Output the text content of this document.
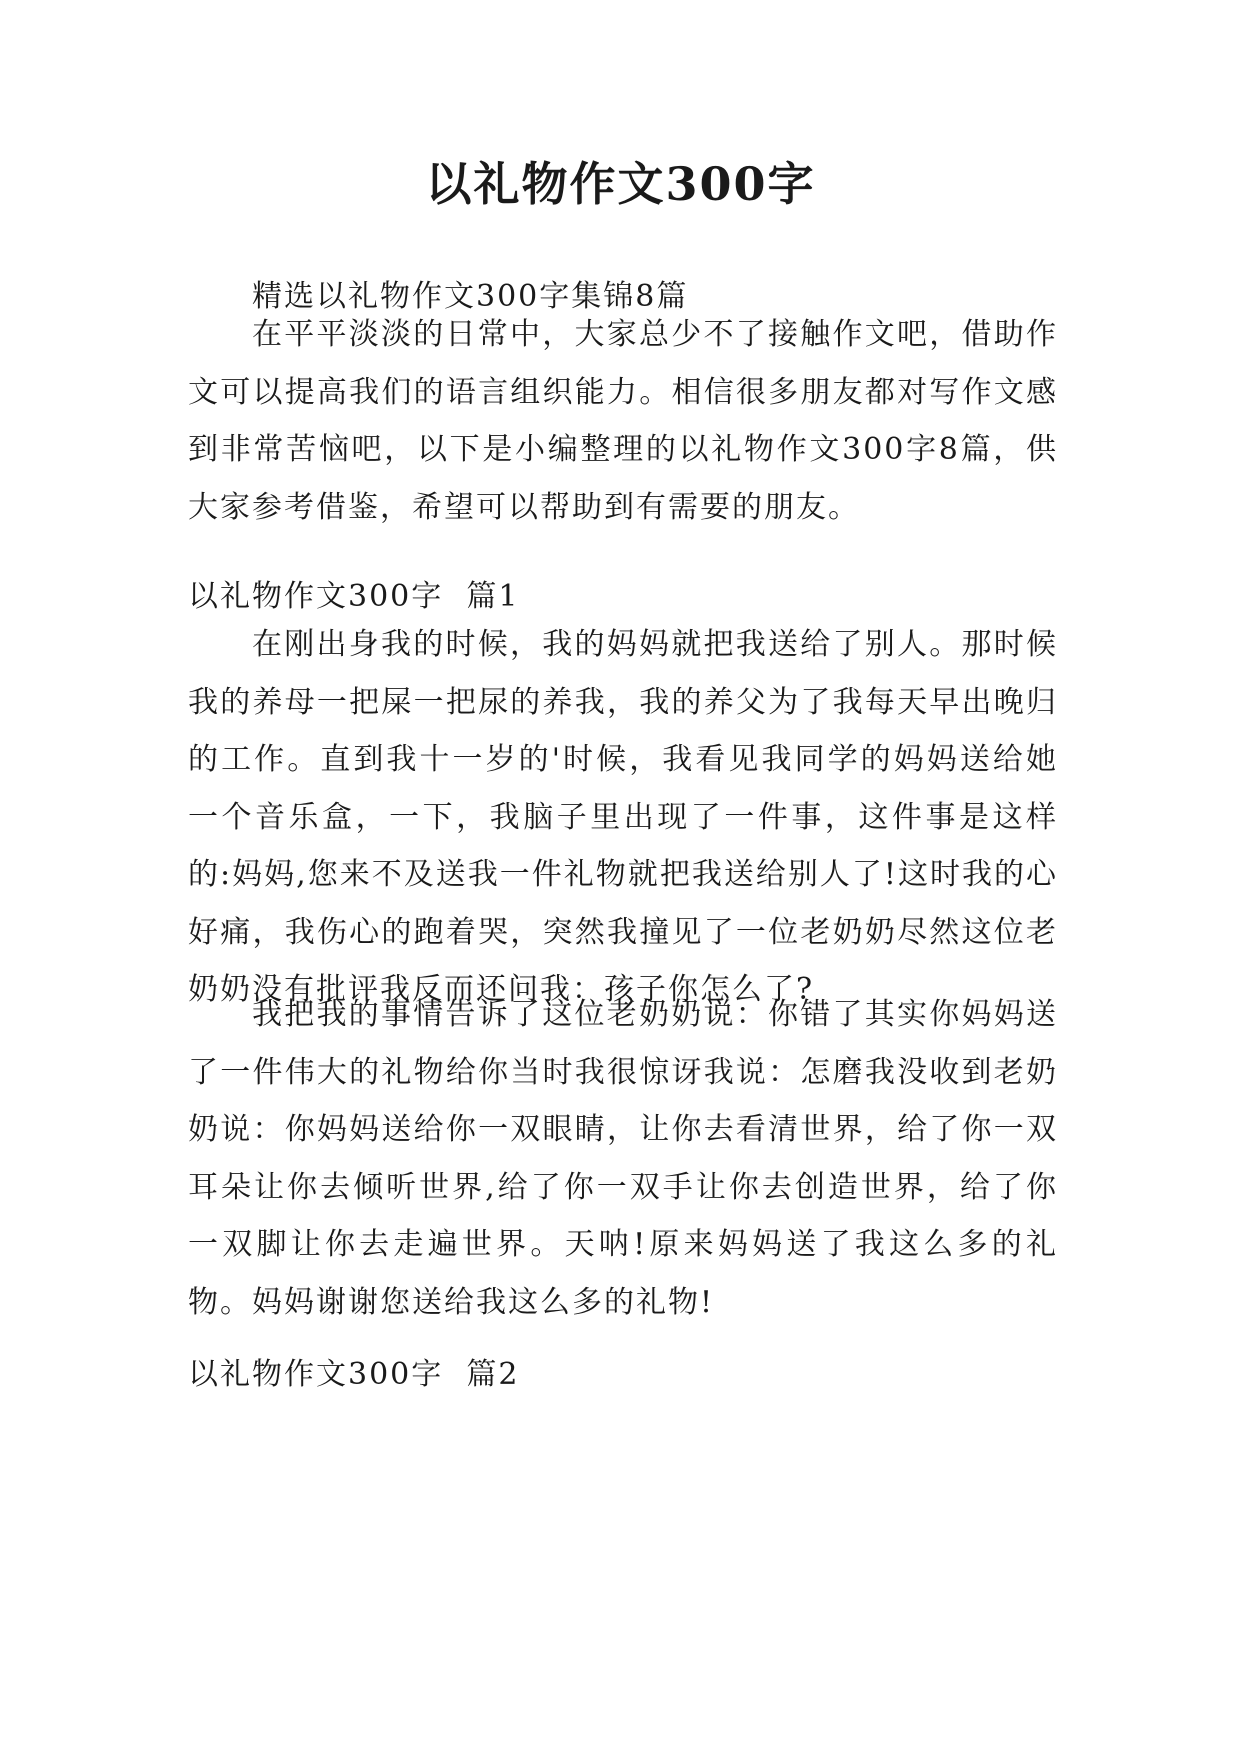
以礼物作文300字

精选以礼物作文300字集锦8篇

在平平淡淡的日常中，大家总少不了接触作文吧，借助作文可以提高我们的语言组织能力。相信很多朋友都对写作文感到非常苦恼吧，以下是小编整理的以礼物作文300字8篇，供大家参考借鉴，希望可以帮助到有需要的朋友。

以礼物作文300字  篇1

在刚出身我的时候，我的妈妈就把我送给了别人。那时候我的养母一把屎一把尿的养我，我的养父为了我每天早出晚归的工作。直到我十一岁的'时候，我看见我同学的妈妈送给她一个音乐盒，一下，我脑子里出现了一件事，这件事是这样的:妈妈,您来不及送我一件礼物就把我送给别人了!这时我的心好痛，我伤心的跑着哭，突然我撞见了一位老奶奶尽然这位老奶奶没有批评我反而还问我：孩子你怎么了?

我把我的事情告诉了这位老奶奶说：你错了其实你妈妈送了一件伟大的礼物给你当时我很惊讶我说：怎磨我没收到老奶奶说：你妈妈送给你一双眼睛，让你去看清世界，给了你一双耳朵让你去倾听世界,给了你一双手让你去创造世界，给了你一双脚让你去走遍世界。天呐!原来妈妈送了我这么多的礼物。妈妈谢谢您送给我这么多的礼物!

以礼物作文300字  篇2
